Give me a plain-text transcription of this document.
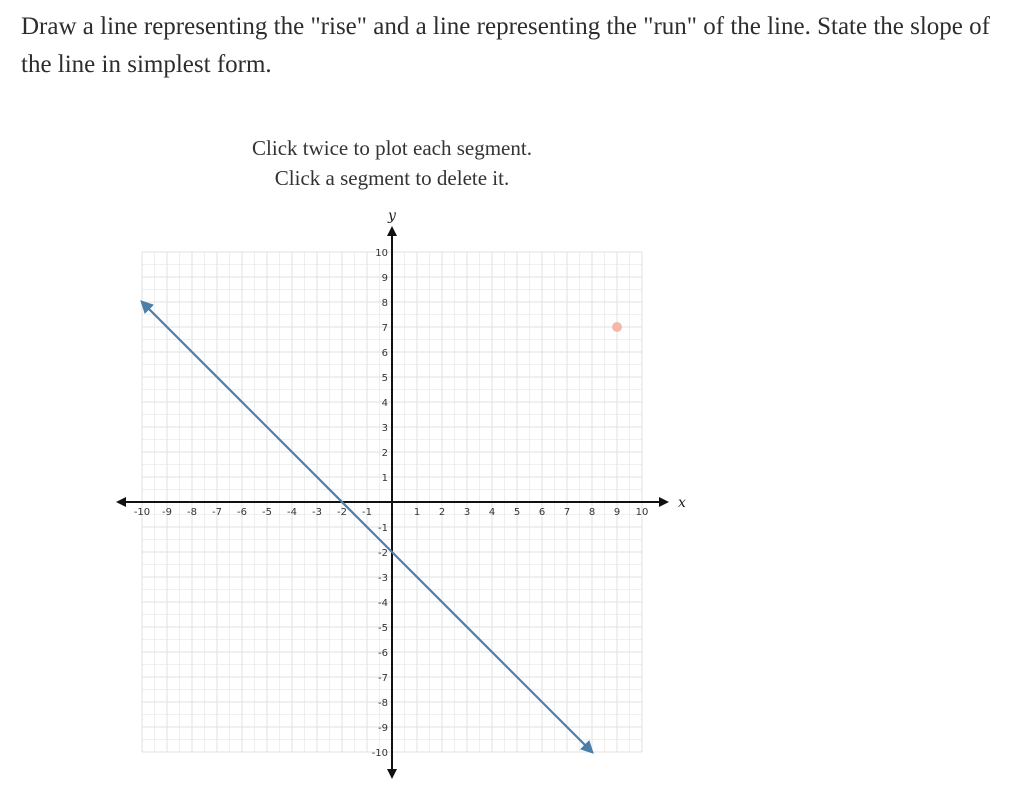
Draw a line representing the "rise" and a line representing the "run" of the line. State the slope of the line in simplest form.
Click twice to plot each segment.
Click a segment to delete it.
x
y
-10 -9 -8 -7 -6 -5 -4 -3 -2 -1	1 2 3 4 5 6 7 8 9 10
10
9
8
7
6
5
4
3
2
1
-1
-2
-3
-4
-5
-6
-7
-8
-9
-10
